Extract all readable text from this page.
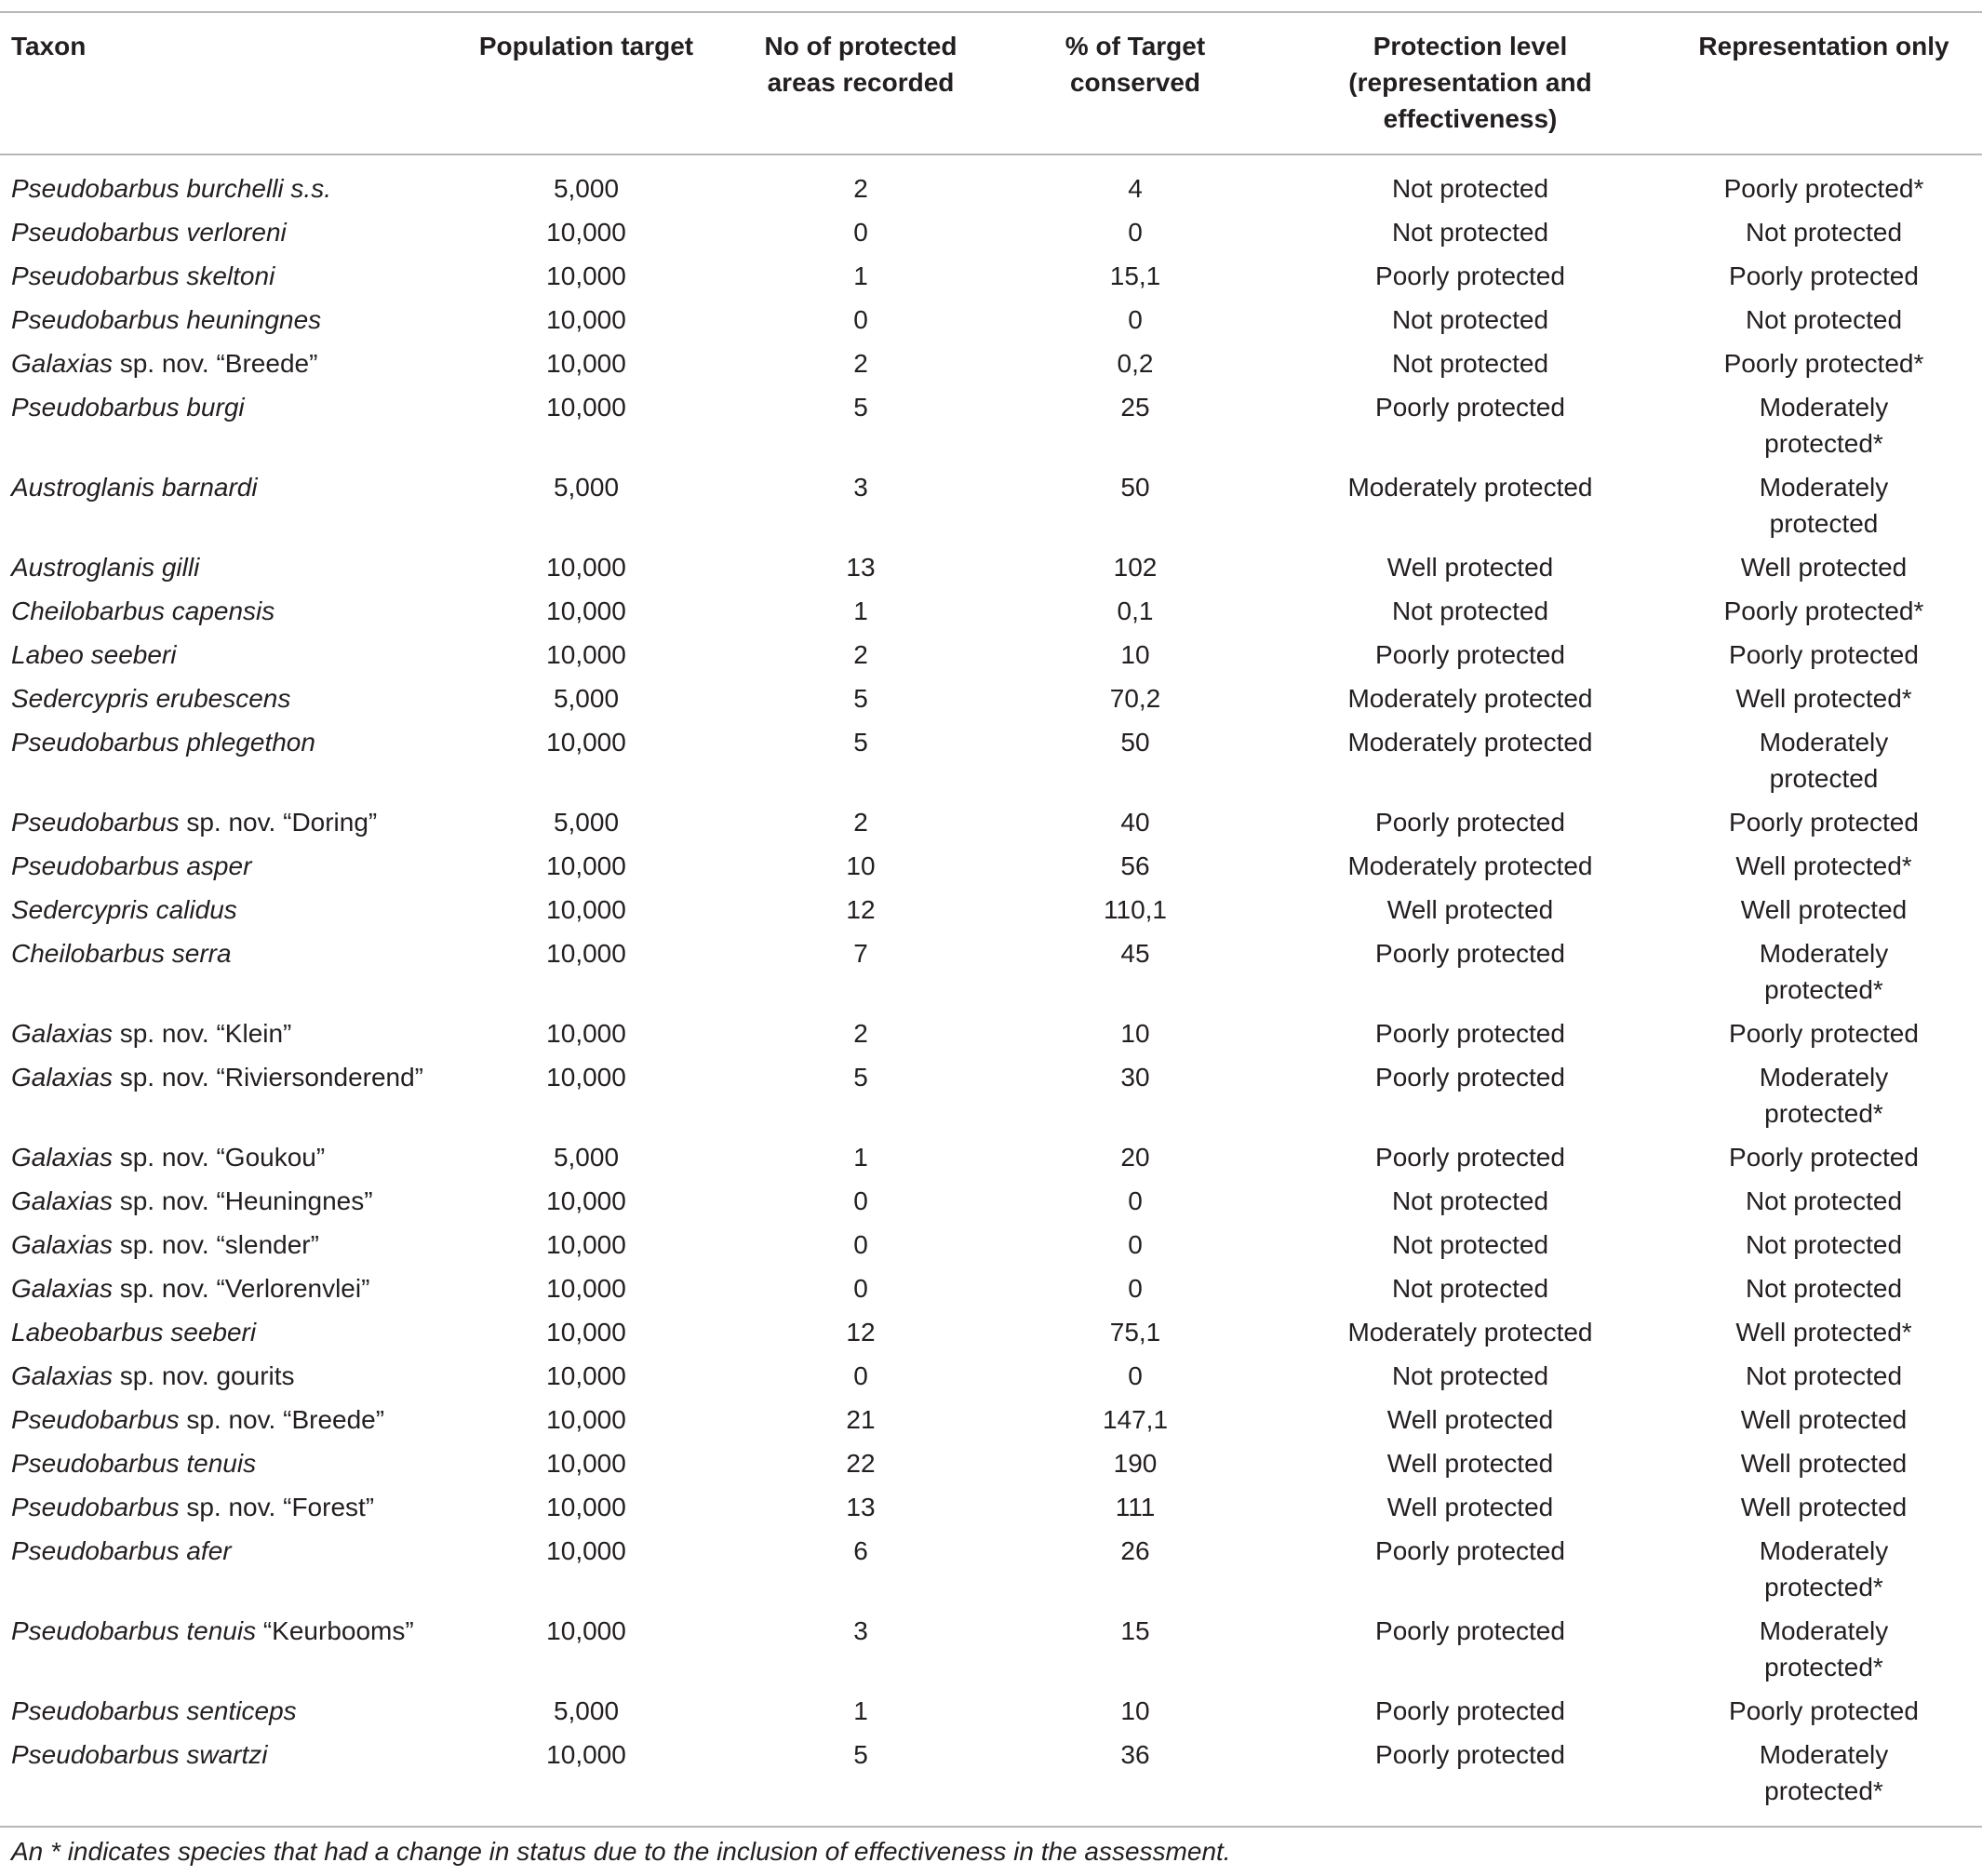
Taxon	Population target	No of protected areas recorded	% of Target conserved	Protection level (representation and effectiveness)	Representation only
Pseudobarbus burchelli s.s.	5,000	2	4	Not protected	Poorly protected*
Pseudobarbus verloreni	10,000	0	0	Not protected	Not protected
Pseudobarbus skeltoni	10,000	1	15,1	Poorly protected	Poorly protected
Pseudobarbus heuningnes	10,000	0	0	Not protected	Not protected
Galaxias sp. nov. “Breede”	10,000	2	0,2	Not protected	Poorly protected*
Pseudobarbus burgi	10,000	5	25	Poorly protected	Moderately
protected*
Austroglanis barnardi	5,000	3	50	Moderately protected	Moderately
protected
Austroglanis gilli	10,000	13	102	Well protected	Well protected
Cheilobarbus capensis	10,000	1	0,1	Not protected	Poorly protected*
Labeo seeberi	10,000	2	10	Poorly protected	Poorly protected
Sedercypris erubescens	5,000	5	70,2	Moderately protected	Well protected*
Pseudobarbus phlegethon	10,000	5	50	Moderately protected	Moderately
protected
Pseudobarbus sp. nov. “Doring”	5,000	2	40	Poorly protected	Poorly protected
Pseudobarbus asper	10,000	10	56	Moderately protected	Well protected*
Sedercypris calidus	10,000	12	110,1	Well protected	Well protected
Cheilobarbus serra	10,000	7	45	Poorly protected	Moderately
protected*
Galaxias sp. nov. “Klein”	10,000	2	10	Poorly protected	Poorly protected
Galaxias sp. nov. “Riviersonderend”	10,000	5	30	Poorly protected	Moderately
protected*
Galaxias sp. nov. “Goukou”	5,000	1	20	Poorly protected	Poorly protected
Galaxias sp. nov. “Heuningnes”	10,000	0	0	Not protected	Not protected
Galaxias sp. nov. “slender”	10,000	0	0	Not protected	Not protected
Galaxias sp. nov. “Verlorenvlei”	10,000	0	0	Not protected	Not protected
Labeobarbus seeberi	10,000	12	75,1	Moderately protected	Well protected*
Galaxias sp. nov. gourits	10,000	0	0	Not protected	Not protected
Pseudobarbus sp. nov. “Breede”	10,000	21	147,1	Well protected	Well protected
Pseudobarbus tenuis	10,000	22	190	Well protected	Well protected
Pseudobarbus sp. nov. “Forest”	10,000	13	111	Well protected	Well protected
Pseudobarbus afer	10,000	6	26	Poorly protected	Moderately
protected*
Pseudobarbus tenuis “Keurbooms”	10,000	3	15	Poorly protected	Moderately
protected*
Pseudobarbus senticeps	5,000	1	10	Poorly protected	Poorly protected
Pseudobarbus swartzi	10,000	5	36	Poorly protected	Moderately
protected*
An * indicates species that had a change in status due to the inclusion of effectiveness in the assessment.
